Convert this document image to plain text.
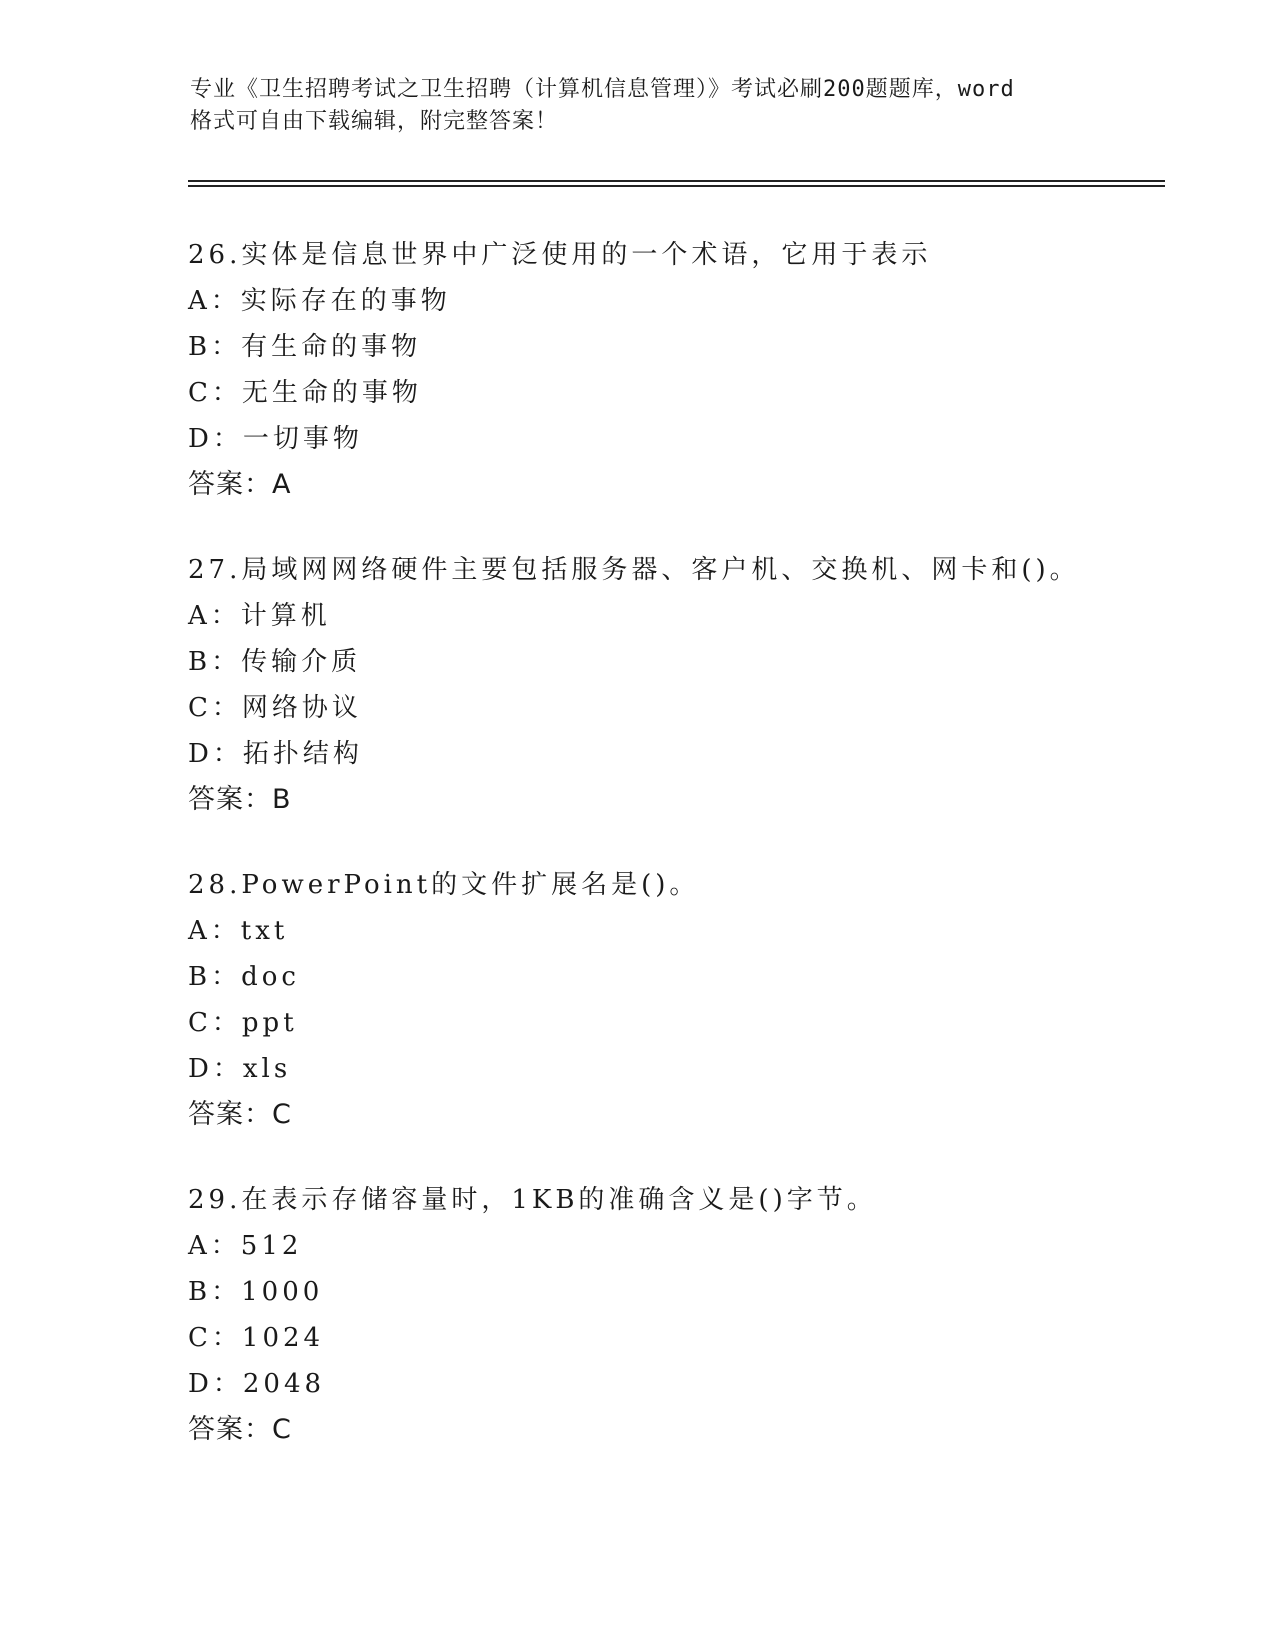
专业《卫生招聘考试之卫生招聘（计算机信息管理）》考试必刷200题题库，word
格式可自由下载编辑，附完整答案！
26.实体是信息世界中广泛使用的一个术语，它用于表示
A：实际存在的事物
B：有生命的事物
C：无生命的事物
D：一切事物
答案：A
27.局域网网络硬件主要包括服务器、客户机、交换机、网卡和()。
A：计算机
B：传输介质
C：网络协议
D：拓扑结构
答案：B
28.PowerPoint的文件扩展名是()。
A：txt
B：doc
C：ppt
D：xls
答案：C
29.在表示存储容量时，1KB的准确含义是()字节。
A：512
B：1000
C：1024
D：2048
答案：C
